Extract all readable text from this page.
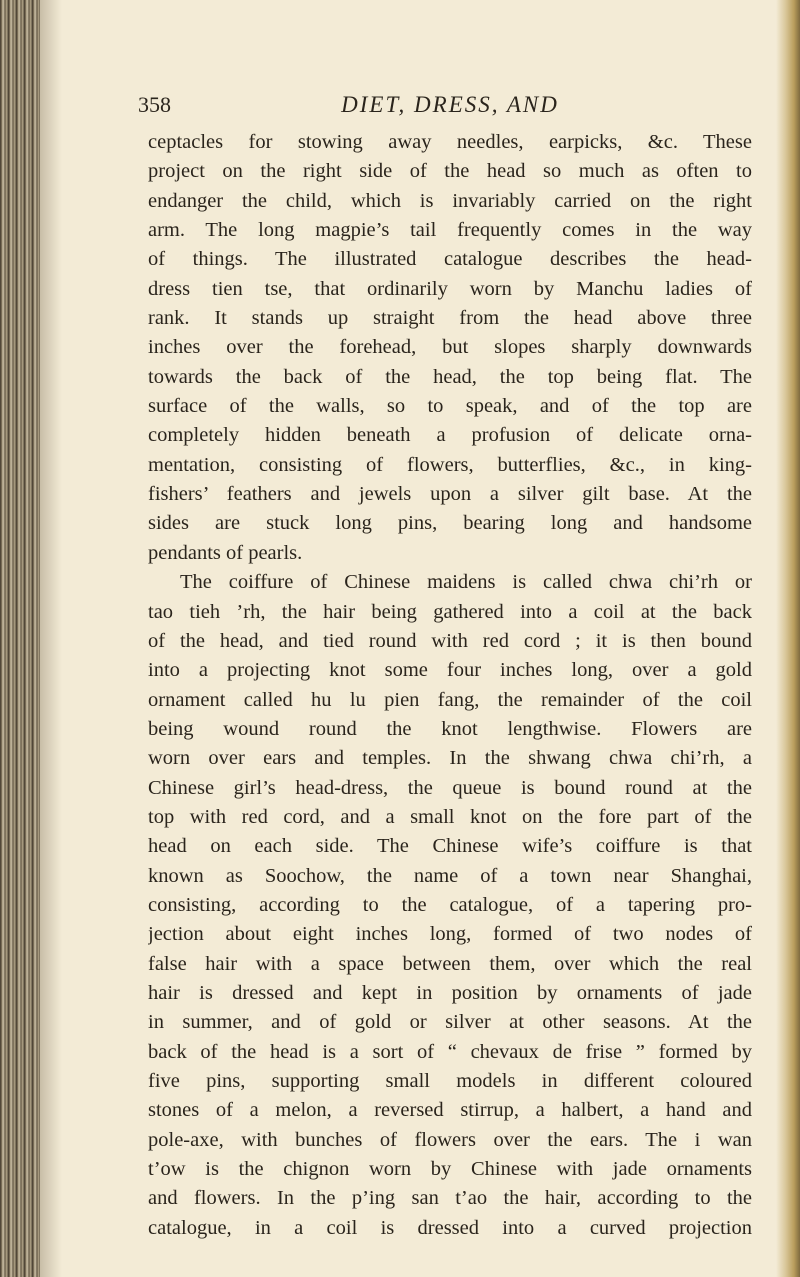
358	DIET, DRESS, AND
ceptacles for stowing away needles, earpicks, &c. These
project on the right side of the head so much as often to
endanger the child, which is invariably carried on the right
arm. The long magpie’s tail frequently comes in the way
of things. The illustrated catalogue describes the head-
dress tien tse, that ordinarily worn by Manchu ladies of
rank. It stands up straight from the head above three
inches over the forehead, but slopes sharply downwards
towards the back of the head, the top being flat. The
surface of the walls, so to speak, and of the top are
completely hidden beneath a profusion of delicate orna-
mentation, consisting of flowers, butterflies, &c., in king-
fishers’ feathers and jewels upon a silver gilt base. At the
sides are stuck long pins, bearing long and handsome
pendants of pearls.
The coiffure of Chinese maidens is called chwa chi’rh or
tao tieh ’rh, the hair being gathered into a coil at the back
of the head, and tied round with red cord ; it is then bound
into a projecting knot some four inches long, over a gold
ornament called hu lu pien fang, the remainder of the coil
being wound round the knot lengthwise. Flowers are
worn over ears and temples. In the shwang chwa chi’rh, a
Chinese girl’s head-dress, the queue is bound round at the
top with red cord, and a small knot on the fore part of the
head on each side. The Chinese wife’s coiffure is that
known as Soochow, the name of a town near Shanghai,
consisting, according to the catalogue, of a tapering pro-
jection about eight inches long, formed of two nodes of
false hair with a space between them, over which the real
hair is dressed and kept in position by ornaments of jade
in summer, and of gold or silver at other seasons. At the
back of the head is a sort of “ chevaux de frise ” formed by
five pins, supporting small models in different coloured
stones of a melon, a reversed stirrup, a halbert, a hand and
pole-axe, with bunches of flowers over the ears. The i wan
t’ow is the chignon worn by Chinese with jade ornaments
and flowers. In the p’ing san t’ao the hair, according to the
catalogue, in a coil is dressed into a curved projection
